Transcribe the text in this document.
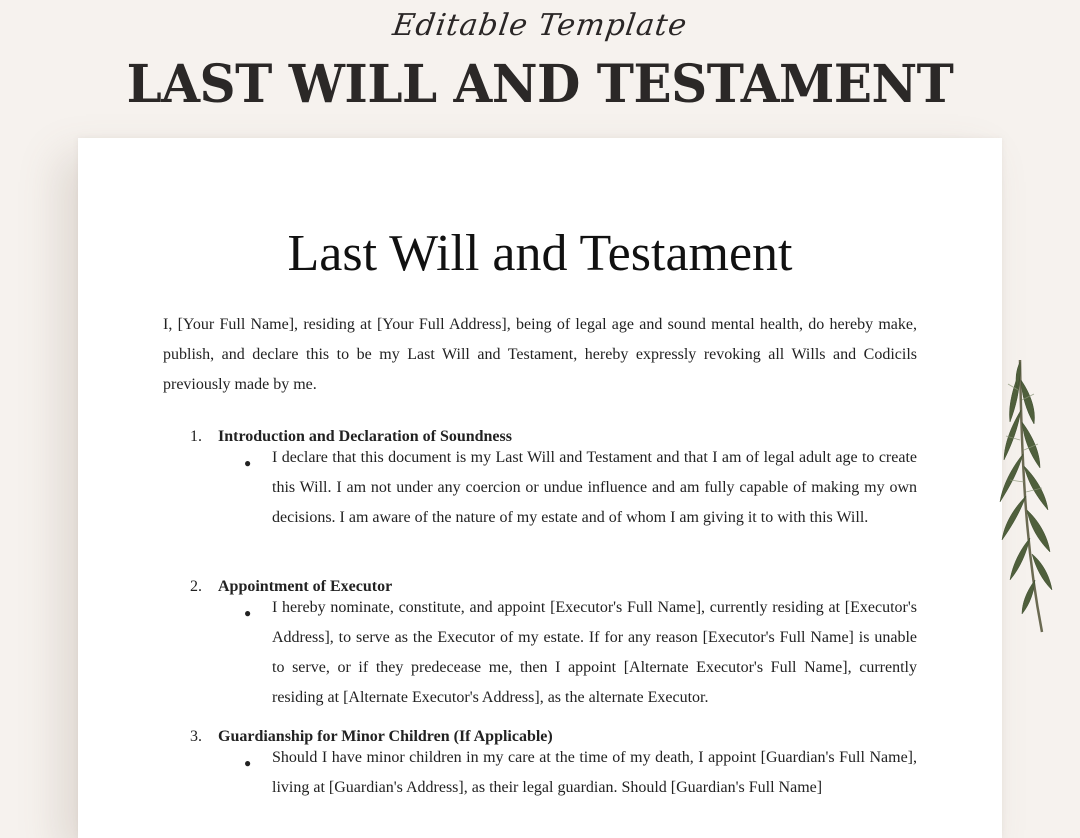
Editable Template
LAST WILL AND TESTAMENT
Last Will and Testament
I, [Your Full Name], residing at [Your Full Address], being of legal age and sound mental health, do hereby make, publish, and declare this to be my Last Will and Testament, hereby expressly revoking all Wills and Codicils previously made by me.
1.	Introduction and Declaration of Soundness
● I declare that this document is my Last Will and Testament and that I am of legal adult age to create this Will. I am not under any coercion or undue influence and am fully capable of making my own decisions. I am aware of the nature of my estate and of whom I am giving it to with this Will.
2.	Appointment of Executor
● I hereby nominate, constitute, and appoint [Executor's Full Name], currently residing at [Executor's Address], to serve as the Executor of my estate. If for any reason [Executor's Full Name] is unable to serve, or if they predecease me, then I appoint [Alternate Executor's Full Name], currently residing at [Alternate Executor's Address], as the alternate Executor.
3.	Guardianship for Minor Children (If Applicable)
● Should I have minor children in my care at the time of my death, I appoint [Guardian's Full Name], living at [Guardian's Address], as their legal guardian. Should [Guardian's Full Name]
